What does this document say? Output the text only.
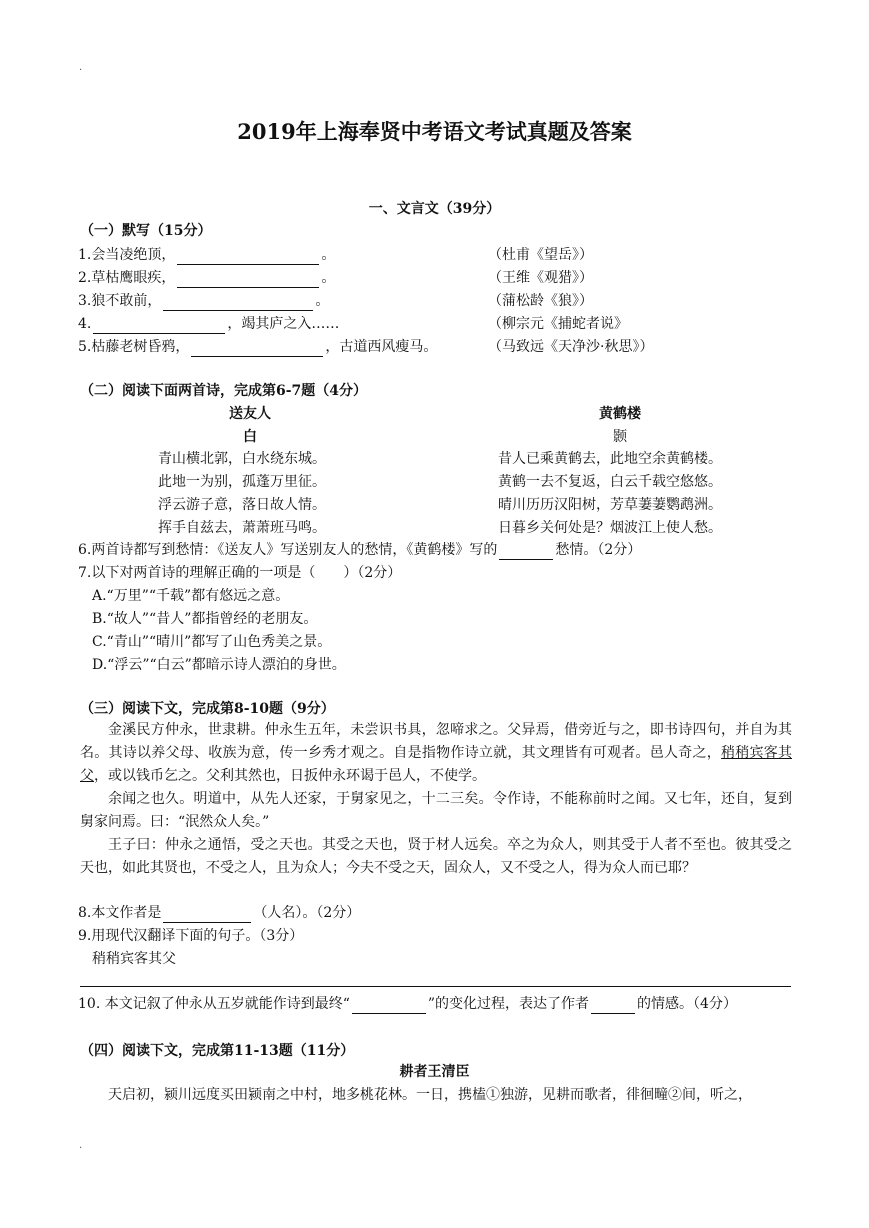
.
2019年上海奉贤中考语文考试真题及答案
一、文言文（39分）
（一）默写（15分）
1.会当凌绝顶，	。	（杜甫《望岳》）
2.草枯鹰眼疾，	。	（王维《观猎》）
3.狼不敢前，	。	（蒲松龄《狼》）
4.	，竭其庐之入……	（柳宗元《捕蛇者说》
5.枯藤老树昏鸦，	，古道西风瘦马。	（马致远《天净沙·秋思》）
（二）阅读下面两首诗，完成第6-7题（4分）
送友人
白
黄鹤楼
颢
青山横北郭，白水绕东城。
此地一为别，孤蓬万里征。
浮云游子意，落日故人情。
挥手自兹去，萧萧班马鸣。
昔人已乘黄鹤去，此地空余黄鹤楼。
黄鹤一去不复返，白云千载空悠悠。
晴川历历汉阳树，芳草萋萋鹦鹉洲。
日暮乡关何处是？烟波江上使人愁。
6.两首诗都写到愁情：《送友人》写送别友人的愁情，《黄鹤楼》写的	愁情。（2分）
7.以下对两首诗的理解正确的一项是（　　）（2分）
A.“万里”“千载”都有悠远之意。
B.“故人”“昔人”都指曾经的老朋友。
C.“青山”“晴川”都写了山色秀美之景。
D.“浮云”“白云”都暗示诗人漂泊的身世。
（三）阅读下文，完成第8-10题（9分）
金溪民方仲永，世隶耕。仲永生五年，未尝识书具，忽啼求之。父异焉，借旁近与之，即书诗四句，并自为其名。其诗以养父母、收族为意，传一乡秀才观之。自是指物作诗立就，其文理皆有可观者。邑人奇之，稍稍宾客其父，或以钱币乞之。父利其然也，日扳仲永环谒于邑人，不使学。
余闻之也久。明道中，从先人还家，于舅家见之，十二三矣。令作诗，不能称前时之闻。又七年，还自，复到舅家问焉。曰：“泯然众人矣。”
王子曰：仲永之通悟，受之天也。其受之天也，贤于材人远矣。卒之为众人，则其受于人者不至也。彼其受之天也，如此其贤也，不受之人，且为众人；今夫不受之天，固众人，又不受之人，得为众人而已耶？
8.本文作者是	（人名）。（2分）
9.用现代汉翻译下面的句子。（3分）
稍稍宾客其父
10. 本文记叙了仲永从五岁就能作诗到最终“	”的变化过程，表达了作者	的情感。（4分）
（四）阅读下文，完成第11-13题（11分）
耕者王清臣
天启初，颍川远度买田颍南之中村，地多桃花林。一日，携榼①独游，见耕而歌者，徘徊疃②间，听之，
.
